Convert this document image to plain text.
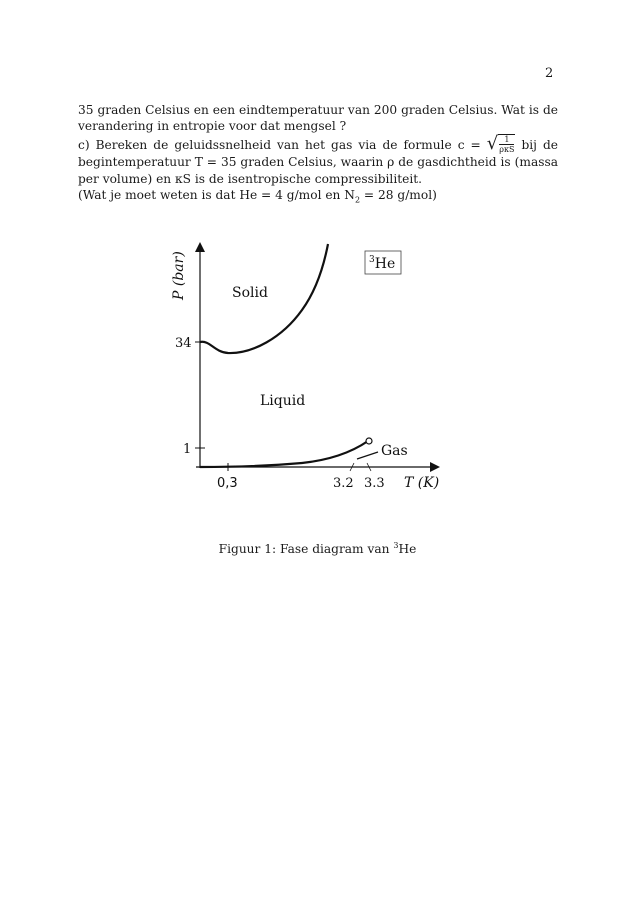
2

35 graden Celsius en een eindtemperatuur van 200 graden Celsius. Wat is de verandering in entropie voor dat mengsel ?

c) Bereken de geluidssnelheid van het gas via de formule c = √ $\frac{1}{\text{ρκS}}$ bij de begintemperatuur T = 35 graden Celsius, waarin ρ de gasdichtheid is (massa per volume) en κS is de isentropische compressibiliteit.

(Wat je moet weten is dat He = 4 g/mol en $N_2 = 28$ g/mol)

$^3$He
Solid
Liquid
Gas
34
1
0,3	3.2 3.3 T (K)
P (bar)
Figuur 1: Fase diagram van $^3$He
